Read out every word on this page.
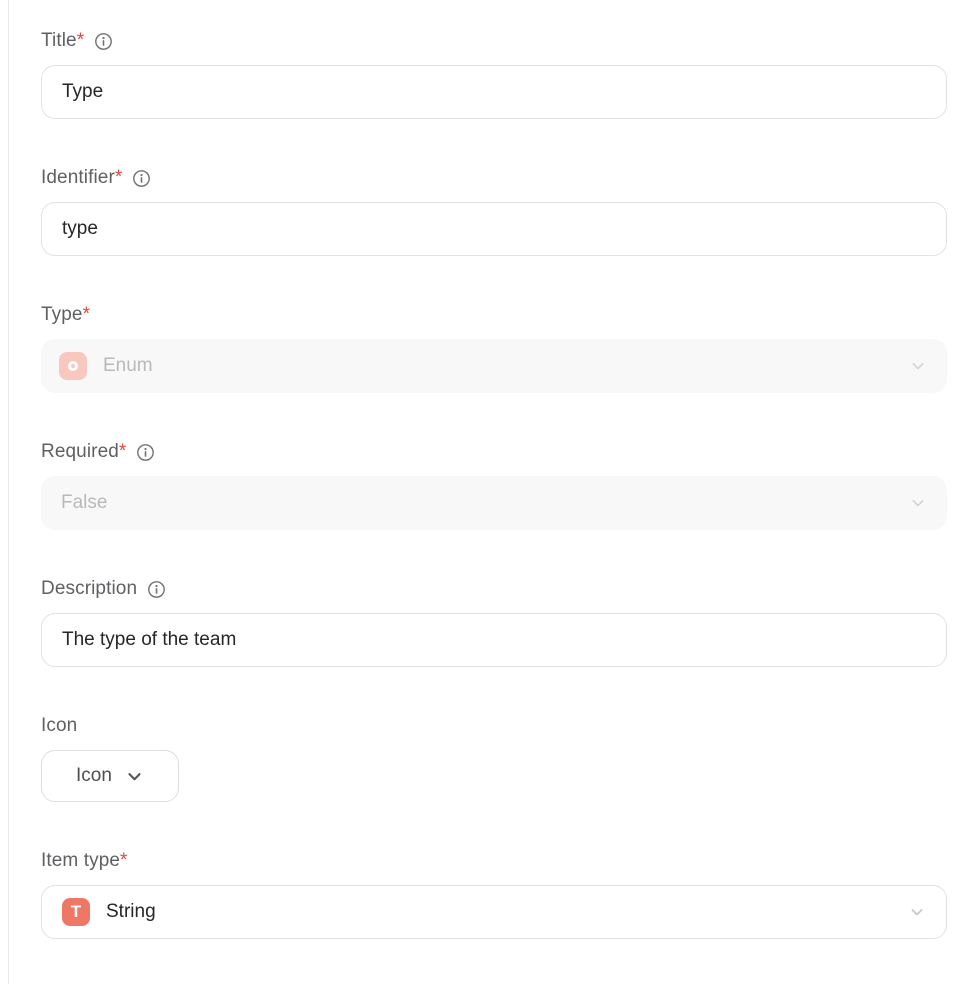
Title *
Type
Identifier *
type
Type *
Enum
Required *
False
Description
The type of the team
Icon
Icon
Item type *
T	String
